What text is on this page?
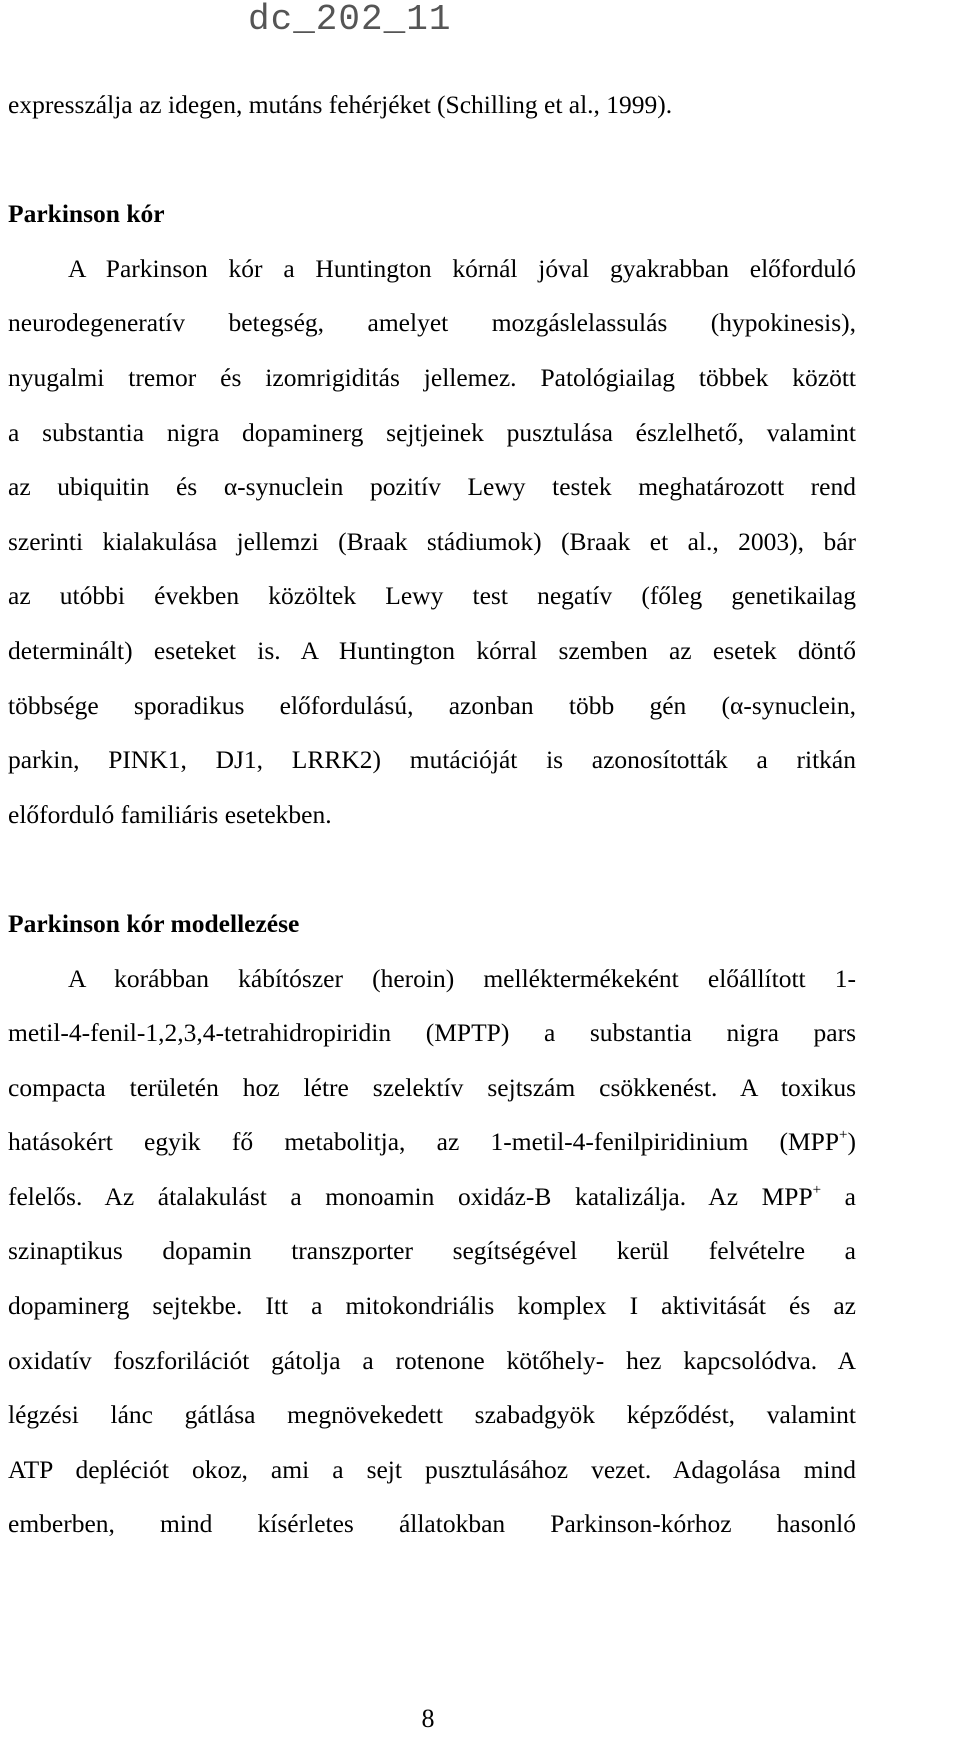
dc_202_11
expresszálja az idegen, mutáns fehérjéket (Schilling et al., 1999).
Parkinson kór
A Parkinson kór a Huntington kórnál jóval gyakrabban előforduló
neurodegeneratív betegség, amelyet mozgáslelassulás (hypokinesis),
nyugalmi tremor és izomrigiditás jellemez. Patológiailag többek között
a substantia nigra dopaminerg sejtjeinek pusztulása észlelhető, valamint
az ubiquitin és α-synuclein pozitív Lewy testek meghatározott rend
szerinti kialakulása jellemzi (Braak stádiumok) (Braak et al., 2003), bár
az utóbbi években közöltek Lewy test negatív (főleg genetikailag
determinált) eseteket is. A Huntington kórral szemben az esetek döntő
többsége sporadikus előfordulású, azonban több gén (α-synuclein,
parkin, PINK1, DJ1, LRRK2) mutációját is azonosították a ritkán
előforduló familiáris esetekben.
Parkinson kór modellezése
A korábban kábítószer (heroin) melléktermékeként előállított 1-
metil-4-fenil-1,2,3,4-tetrahidropiridin (MPTP) a substantia nigra pars
compacta területén hoz létre szelektív sejtszám csökkenést. A toxikus
hatásokért egyik fő metabolitja, az 1-metil-4-fenilpiridinium (MPP+)
felelős. Az átalakulást a monoamin oxidáz-B katalizálja. Az MPP+ a
szinaptikus dopamin transzporter segítségével kerül felvételre a
dopaminerg sejtekbe. Itt a mitokondriális komplex I aktivitását és az
oxidatív foszforilációt gátolja a rotenone kötőhely- hez kapcsolódva. A
légzési lánc gátlása megnövekedett szabadgyök képződést, valamint
ATP depléciót okoz, ami a sejt pusztulásához vezet. Adagolása mind
emberben, mind kísérletes állatokban Parkinson-kórhoz hasonló
8
